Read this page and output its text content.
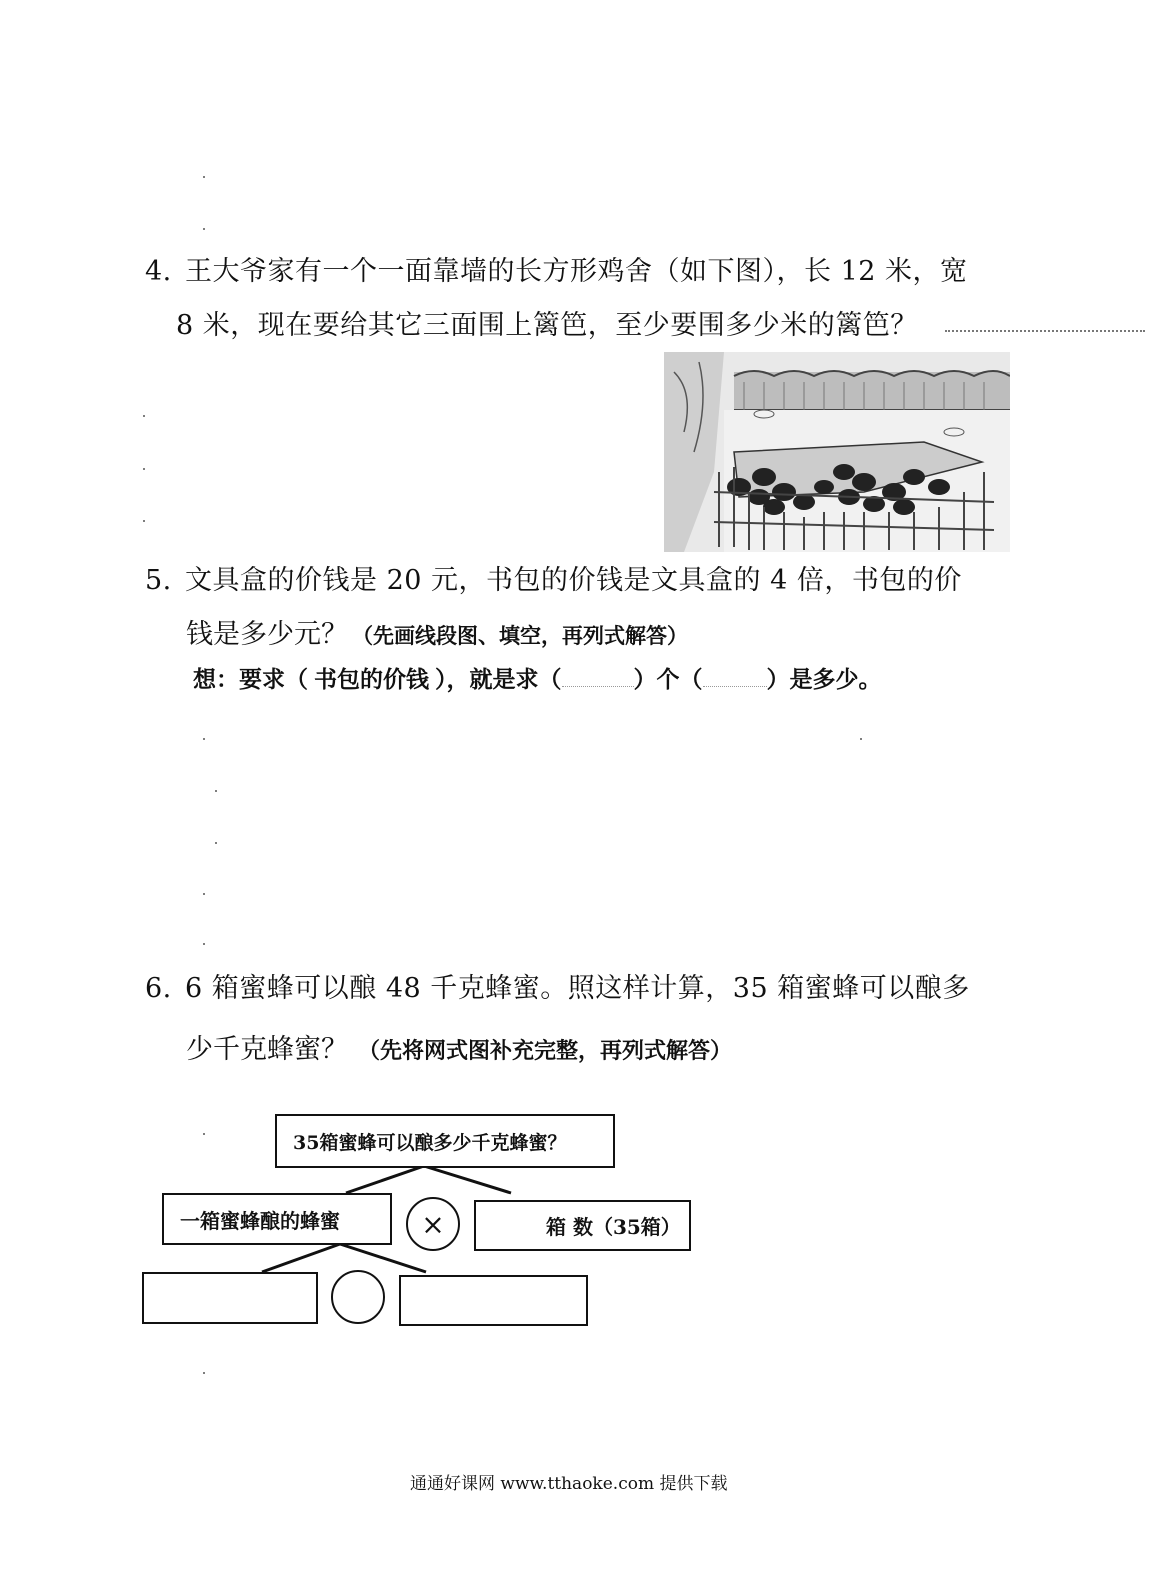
4. 王大爷家有一个一面靠墙的长方形鸡舍（如下图），长 12 米，宽
8 米，现在要给其它三面围上篱笆，至少要围多少米的篱笆？
5. 文具盒的价钱是 20 元，书包的价钱是文具盒的 4 倍，书包的价
钱是多少元？ （先画线段图、填空，再列式解答）
想：要求（ 书包的价钱 ），就是求（	）个（	）是多少。
6. 6 箱蜜蜂可以酿 48 千克蜂蜜。照这样计算，35 箱蜜蜂可以酿多
少千克蜂蜜？ （先将网式图补充完整，再列式解答）
35箱蜜蜂可以酿多少千克蜂蜜？
一箱蜜蜂酿的蜂蜜	×	箱 数（35箱）
通通好课网 www.tthaoke.com 提供下载
